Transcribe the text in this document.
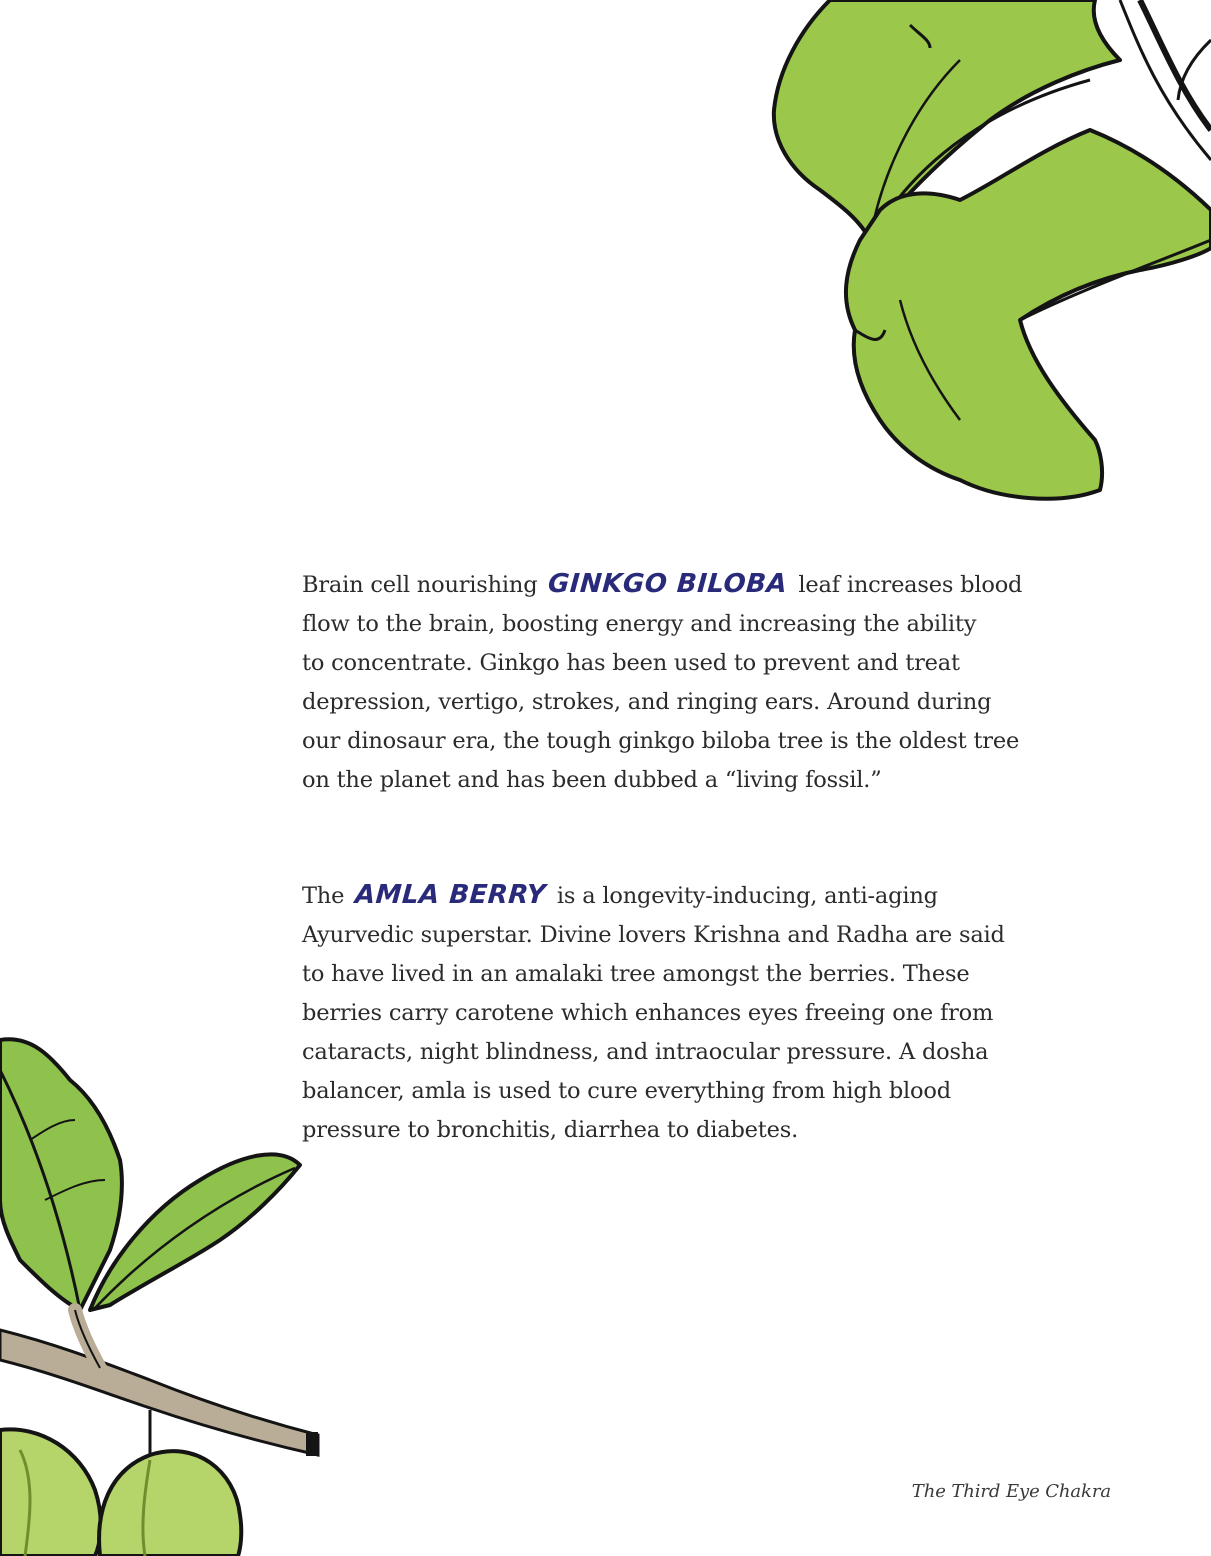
Brain cell nourishing GINKGO BILOBA leaf increases blood
flow to the brain, boosting energy and increasing the ability
to concentrate. Ginkgo has been used to prevent and treat
depression, vertigo, strokes, and ringing ears. Around during
our dinosaur era, the tough ginkgo biloba tree is the oldest tree
on the planet and has been dubbed a “living fossil.”
The AMLA BERRY is a longevity-inducing, anti-aging
Ayurvedic superstar. Divine lovers Krishna and Radha are said
to have lived in an amalaki tree amongst the berries. These
berries carry carotene which enhances eyes freeing one from
cataracts, night blindness, and intraocular pressure. A dosha
balancer, amla is used to cure everything from high blood
pressure to bronchitis, diarrhea to diabetes.
The Third Eye Chakra
